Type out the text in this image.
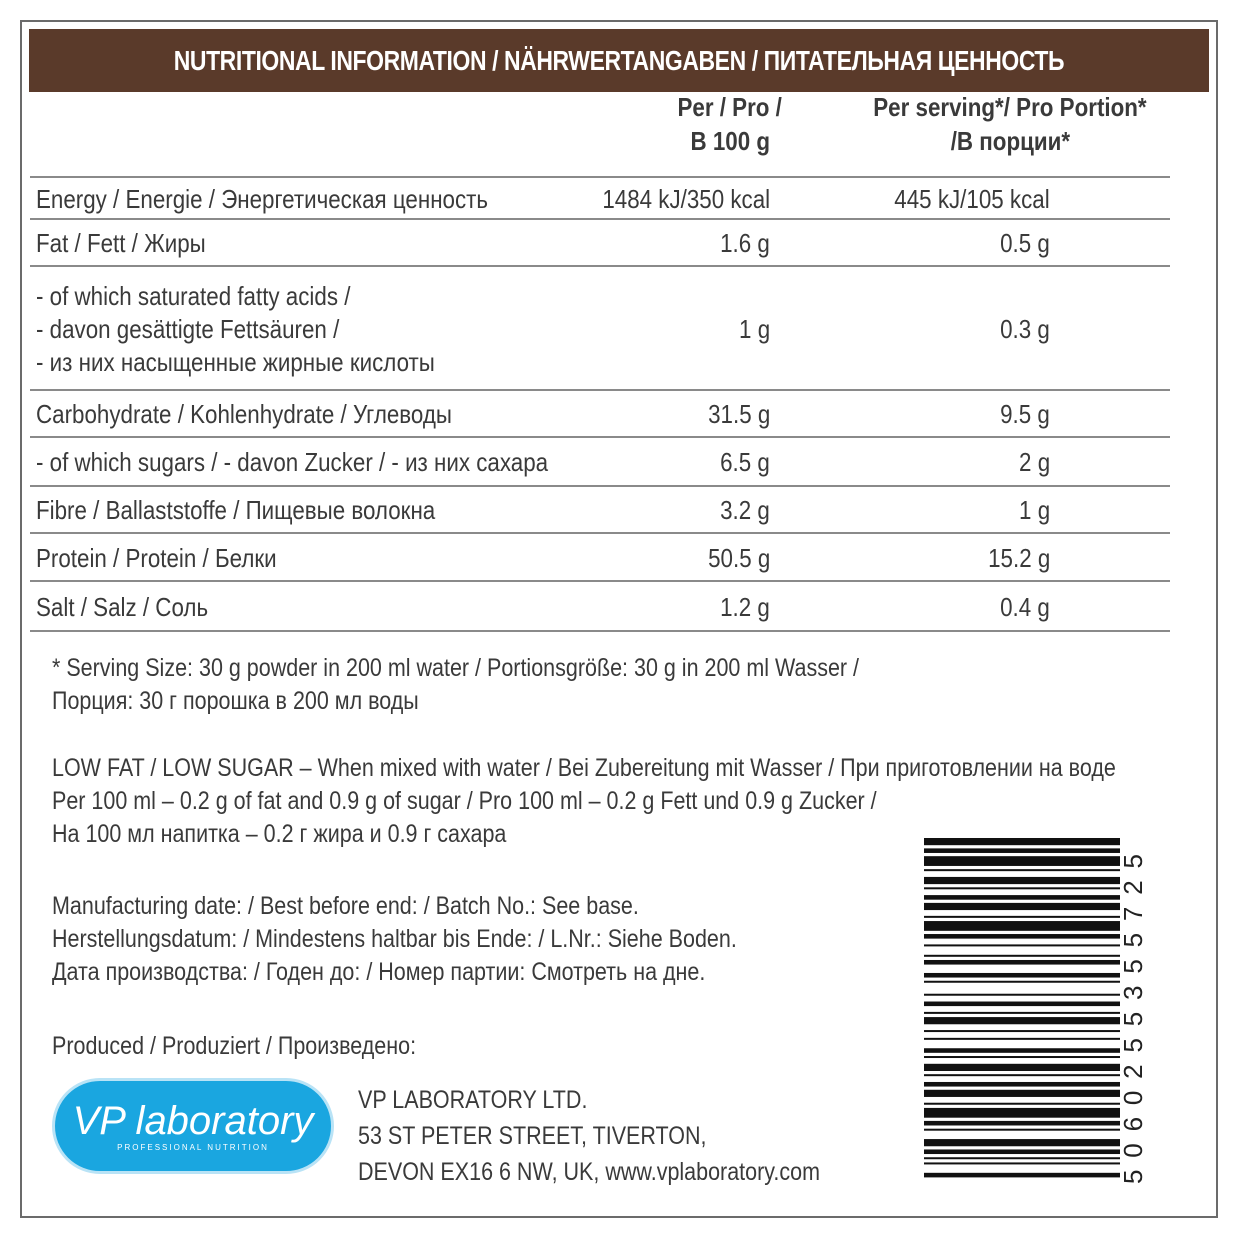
NUTRITIONAL INFORMATION / NÄHRWERTANGABEN / ПИТАТЕЛЬНАЯ ЦЕННОСТЬ
Per / Pro /
B 100 g
Per serving*/ Pro Portion*
/В порции*
Energy / Energie / Энергетическая ценность	1484 kJ/350 kcal	445 kJ/105 kcal
Fat / Fett / Жиры	1.6 g	0.5 g
- of which saturated fatty acids /
- davon gesättigte Fettsäuren /
- из них насыщенные жирные кислоты
1 g	0.3 g
Carbohydrate / Kohlenhydrate / Углеводы	31.5 g	9.5 g
- of which sugars / - davon Zucker / - из них сахара	6.5 g	2 g
Fibre / Ballaststoffe / Пищевые волокна	3.2 g	1 g
Protein / Protein / Белки	50.5 g	15.2 g
Salt / Salz / Соль	1.2 g	0.4 g
* Serving Size: 30 g powder in 200 ml water / Portionsgröße: 30 g in 200 ml Wasser /
Порция: 30 г порошка в 200 мл воды
LOW FAT / LOW SUGAR – When mixed with water / Bei Zubereitung mit Wasser / При приготовлении на воде
Per 100 ml – 0.2 g of fat and 0.9 g of sugar / Pro 100 ml – 0.2 g Fett und 0.9 g Zucker /
На 100 мл напитка – 0.2 г жира и 0.9 г сахара
Manufacturing date: / Best before end: / Batch No.: See base.
Herstellungsdatum: / Mindestens haltbar bis Ende: / L.Nr.: Siehe Boden.
Дата производства: / Годен до: / Номер партии: Смотреть на дне.
Produced / Produziert / Произведено:
VP laboratory
PROFESSIONAL NUTRITION
VP LABORATORY LTD.
53 ST PETER STREET, TIVERTON,
DEVON EX16 6 NW, UK, www.vplaboratory.com	5060255355725
